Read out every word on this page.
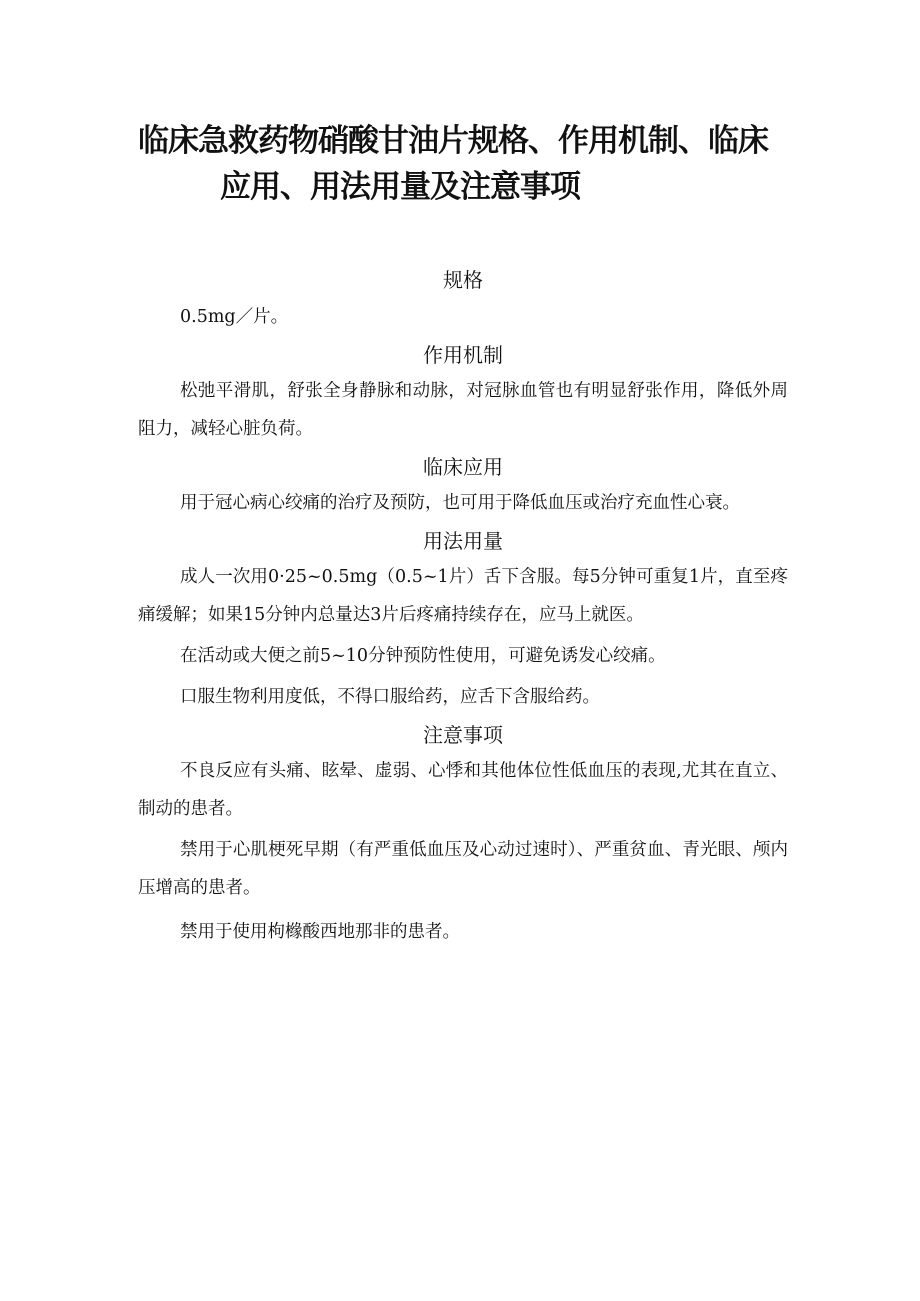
临床急救药物硝酸甘油片规格、作用机制、临床
应用、用法用量及注意事项
规格

0.5mg／片。

作用机制

松弛平滑肌，舒张全身静脉和动脉，对冠脉血管也有明显舒张作用，降低外周阻力，减轻心脏负荷。

临床应用

用于冠心病心绞痛的治疗及预防，也可用于降低血压或治疗充血性心衰。

用法用量

成人一次用0·25~0.5mg（0.5~1片）舌下含服。每5分钟可重复1片，直至疼痛缓解；如果15分钟内总量达3片后疼痛持续存在，应马上就医。

在活动或大便之前5~10分钟预防性使用，可避免诱发心绞痛。

口服生物利用度低，不得口服给药，应舌下含服给药。

注意事项

不良反应有头痛、眩晕、虚弱、心悸和其他体位性低血压的表现,尤其在直立、制动的患者。

禁用于心肌梗死早期（有严重低血压及心动过速时）、严重贫血、青光眼、颅内压增高的患者。

禁用于使用枸橼酸西地那非的患者。
